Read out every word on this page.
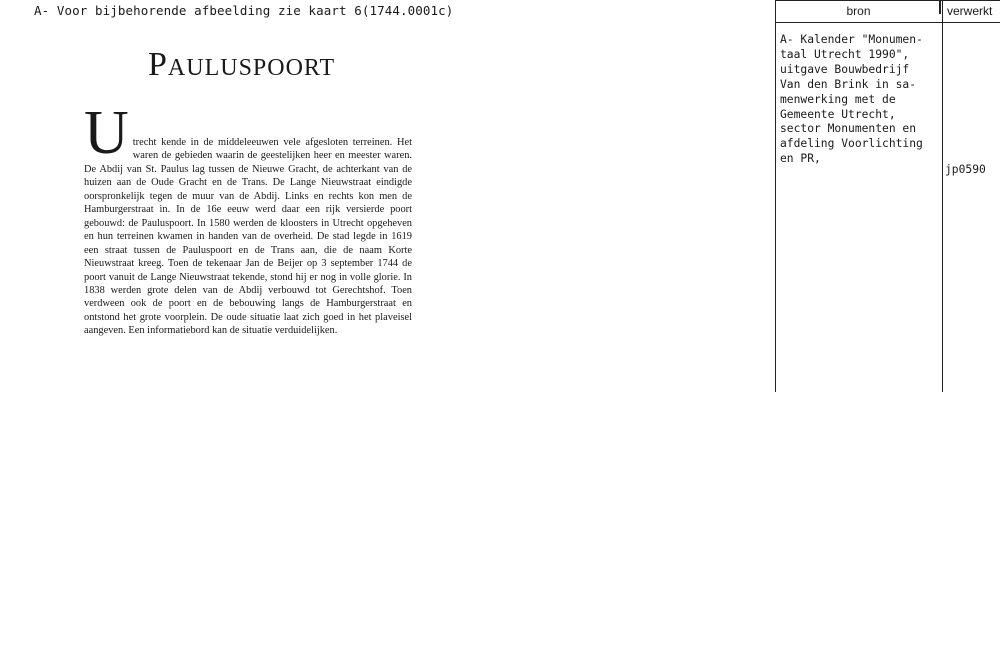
A- Voor bijbehorende afbeelding zie kaart 6(1744.0001c)
Pauluspoort
U trecht kende in de middeleeuwen vele afgesloten terreinen. Het waren de gebieden waarin de geestelijken heer en meester waren. De Abdij van St. Paulus lag tussen de Nieuwe Gracht, de achterkant van de huizen aan de Oude Gracht en de Trans. De Lange Nieuwstraat eindigde oorspronkelijk tegen de muur van de Abdij. Links en rechts kon men de Hamburgerstraat in. In de 16e eeuw werd daar een rijk versierde poort gebouwd: de Pauluspoort. In 1580 werden de kloosters in Utrecht opgeheven en hun terreinen kwamen in handen van de overheid. De stad legde in 1619 een straat tussen de Pauluspoort en de Trans aan, die de naam Korte Nieuwstraat kreeg. Toen de tekenaar Jan de Beijer op 3 september 1744 de poort vanuit de Lange Nieuwstraat tekende, stond hij er nog in volle glorie. In 1838 werden grote delen van de Abdij verbouwd tot Gerechtshof. Toen verdween ook de poort en de bebouwing langs de Hamburgerstraat en ontstond het grote voorplein. De oude situatie laat zich goed in het plaveisel aangeven. Een informatiebord kan de situatie verduidelijken.

bron	verwerkt
A- Kalender "Monumen-
taal Utrecht 1990",
uitgave Bouwbedrijf
Van den Brink in sa-
menwerking met de
Gemeente Utrecht,
sector Monumenten en
afdeling Voorlichting
en PR,
jp0590
